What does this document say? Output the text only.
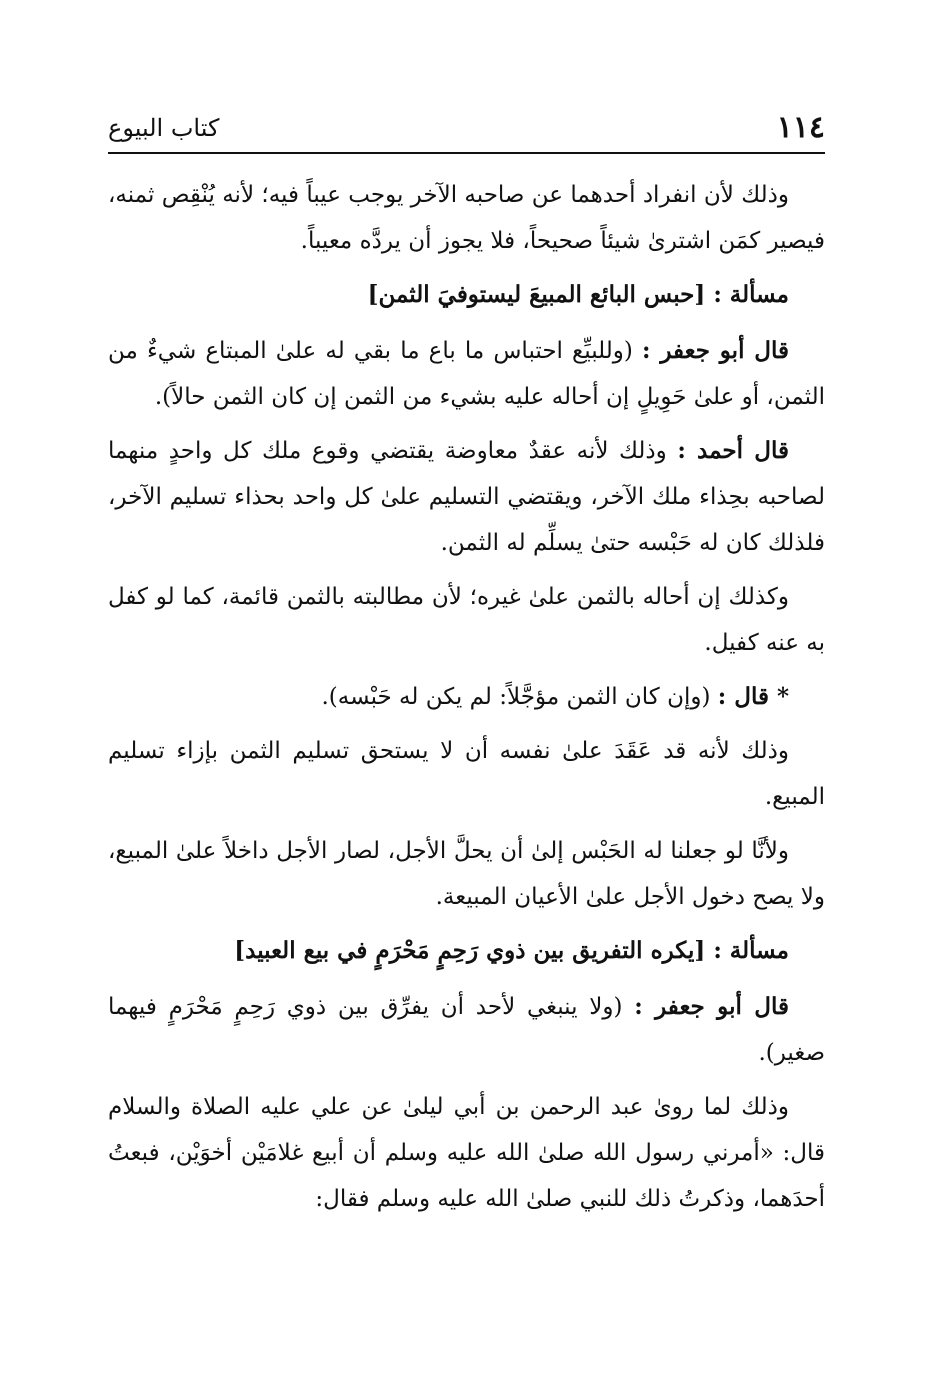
١١٤
كتاب البيوع

وذلك لأن انفراد أحدهما عن صاحبه الآخر يوجب عيباً فيه؛ لأنه يُنْقِص ثمنه، فيصير كمَن اشترىٰ شيئاً صحيحاً، فلا يجوز أن يردَّه معيباً.

مسألة : [حبس البائع المبيعَ ليستوفيَ الثمن]

قال أبو جعفر : (وللبيِّع احتباس ما باع ما بقي له علىٰ المبتاع شيءٌ من الثمن، أو علىٰ حَوِيلٍ إن أحاله عليه بشيء من الثمن إن كان الثمن حالاً).

قال أحمد : وذلك لأنه عقدٌ معاوضة يقتضي وقوع ملك كل واحدٍ منهما لصاحبه بحِذاء ملك الآخر، ويقتضي التسليم علىٰ كل واحد بحذاء تسليم الآخر، فلذلك كان له حَبْسه حتىٰ يسلِّم له الثمن.

وكذلك إن أحاله بالثمن علىٰ غيره؛ لأن مطالبته بالثمن قائمة، كما لو كفل به عنه كفيل.

* قال : (وإن كان الثمن مؤجَّلاً: لم يكن له حَبْسه).

وذلك لأنه قد عَقَدَ علىٰ نفسه أن لا يستحق تسليم الثمن بإزاء تسليم المبيع.

ولأنَّا لو جعلنا له الحَبْس إلىٰ أن يحلَّ الأجل، لصار الأجل داخلاً علىٰ المبيع، ولا يصح دخول الأجل علىٰ الأعيان المبيعة.

مسألة : [يكره التفريق بين ذوي رَحِمٍ مَحْرَمٍ في بيع العبيد]

قال أبو جعفر : (ولا ينبغي لأحد أن يفرِّق بين ذوي رَحِمٍ مَحْرَمٍ فيهما صغير).

وذلك لما روىٰ عبد الرحمن بن أبي ليلىٰ عن علي عليه الصلاة والسلام قال: «أمرني رسول الله صلىٰ الله عليه وسلم أن أبيع غلامَيْن أخوَيْن، فبعتُ أحدَهما، وذكرتُ ذلك للنبي صلىٰ الله عليه وسلم فقال:
